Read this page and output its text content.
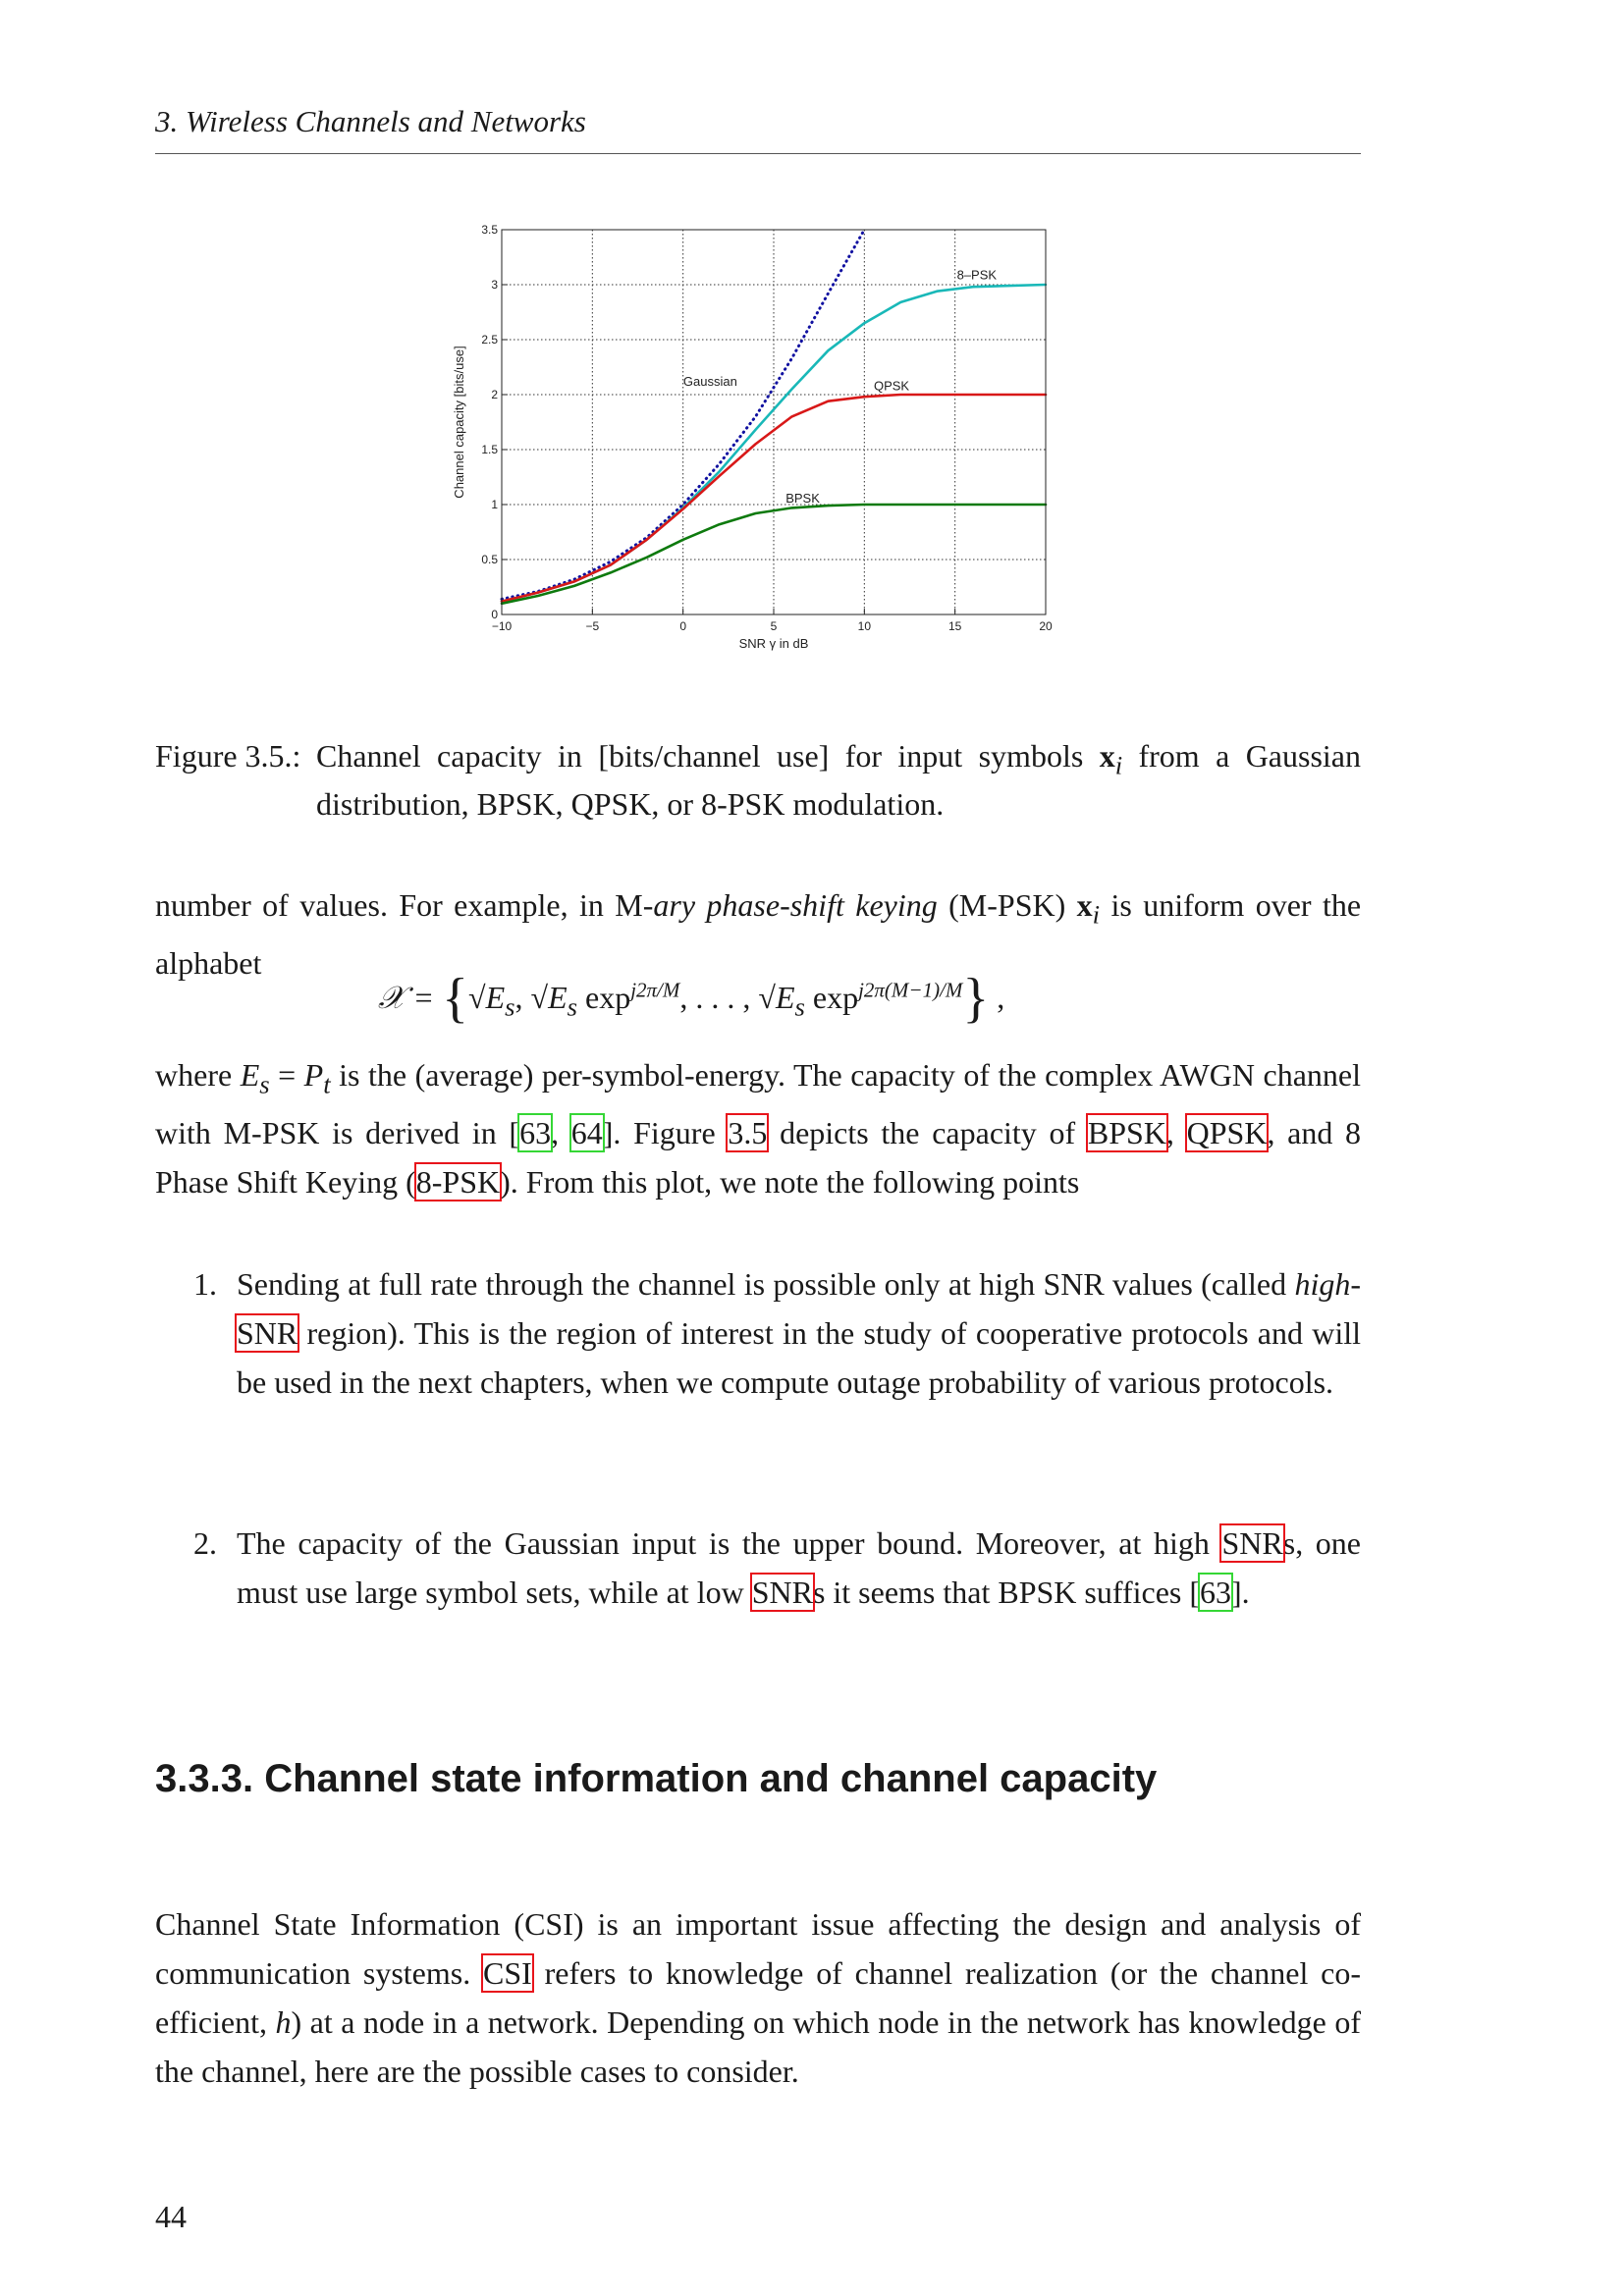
3. Wireless Channels and Networks
−10	−5	0	5	10	15	20
0
0.5
1
1.5
2
2.5
3
3.5
SNR γ in dB
Channel capacity [bits/use]	Gaussian
8–PSK
QPSK
BPSK
Figure 3.5.: Channel capacity in [bits/channel use] for input symbols $x_i$ from a Gaussian distribution, BPSK, QPSK, or 8-PSK modulation.
number of values. For example, in M-ary phase-shift keying (M-PSK) $x_i$ is uniform over the alphabet
𝒳 = {$√E_s$, $√E_s$ $\exp^{j2\pi/M}$, . . . , $√E_s$ $\exp^{j2\pi(M-1)/M}$} ,
where $E_s = P_t$ is the (average) per-symbol-energy. The capacity of the complex AWGN channel with M-PSK is derived in [63, 64]. Figure 3.5 depicts the capacity of BPSK, QPSK, and 8 Phase Shift Keying (8-PSK). From this plot, we note the following points
1. Sending at full rate through the channel is possible only at high SNR values (called high-SNR region). This is the region of interest in the study of cooperative protocols and will be used in the next chapters, when we compute outage probability of various protocols.
2. The capacity of the Gaussian input is the upper bound. Moreover, at high SNRs, one must use large symbol sets, while at low SNRs it seems that BPSK suffices [63].
3.3.3. Channel state information and channel capacity
Channel State Information (CSI) is an important issue affecting the design and analysis of communication systems. CSI refers to knowledge of channel realization (or the channel co-efficient, h) at a node in a network. Depending on which node in the network has knowledge of the channel, here are the possible cases to consider.
44
